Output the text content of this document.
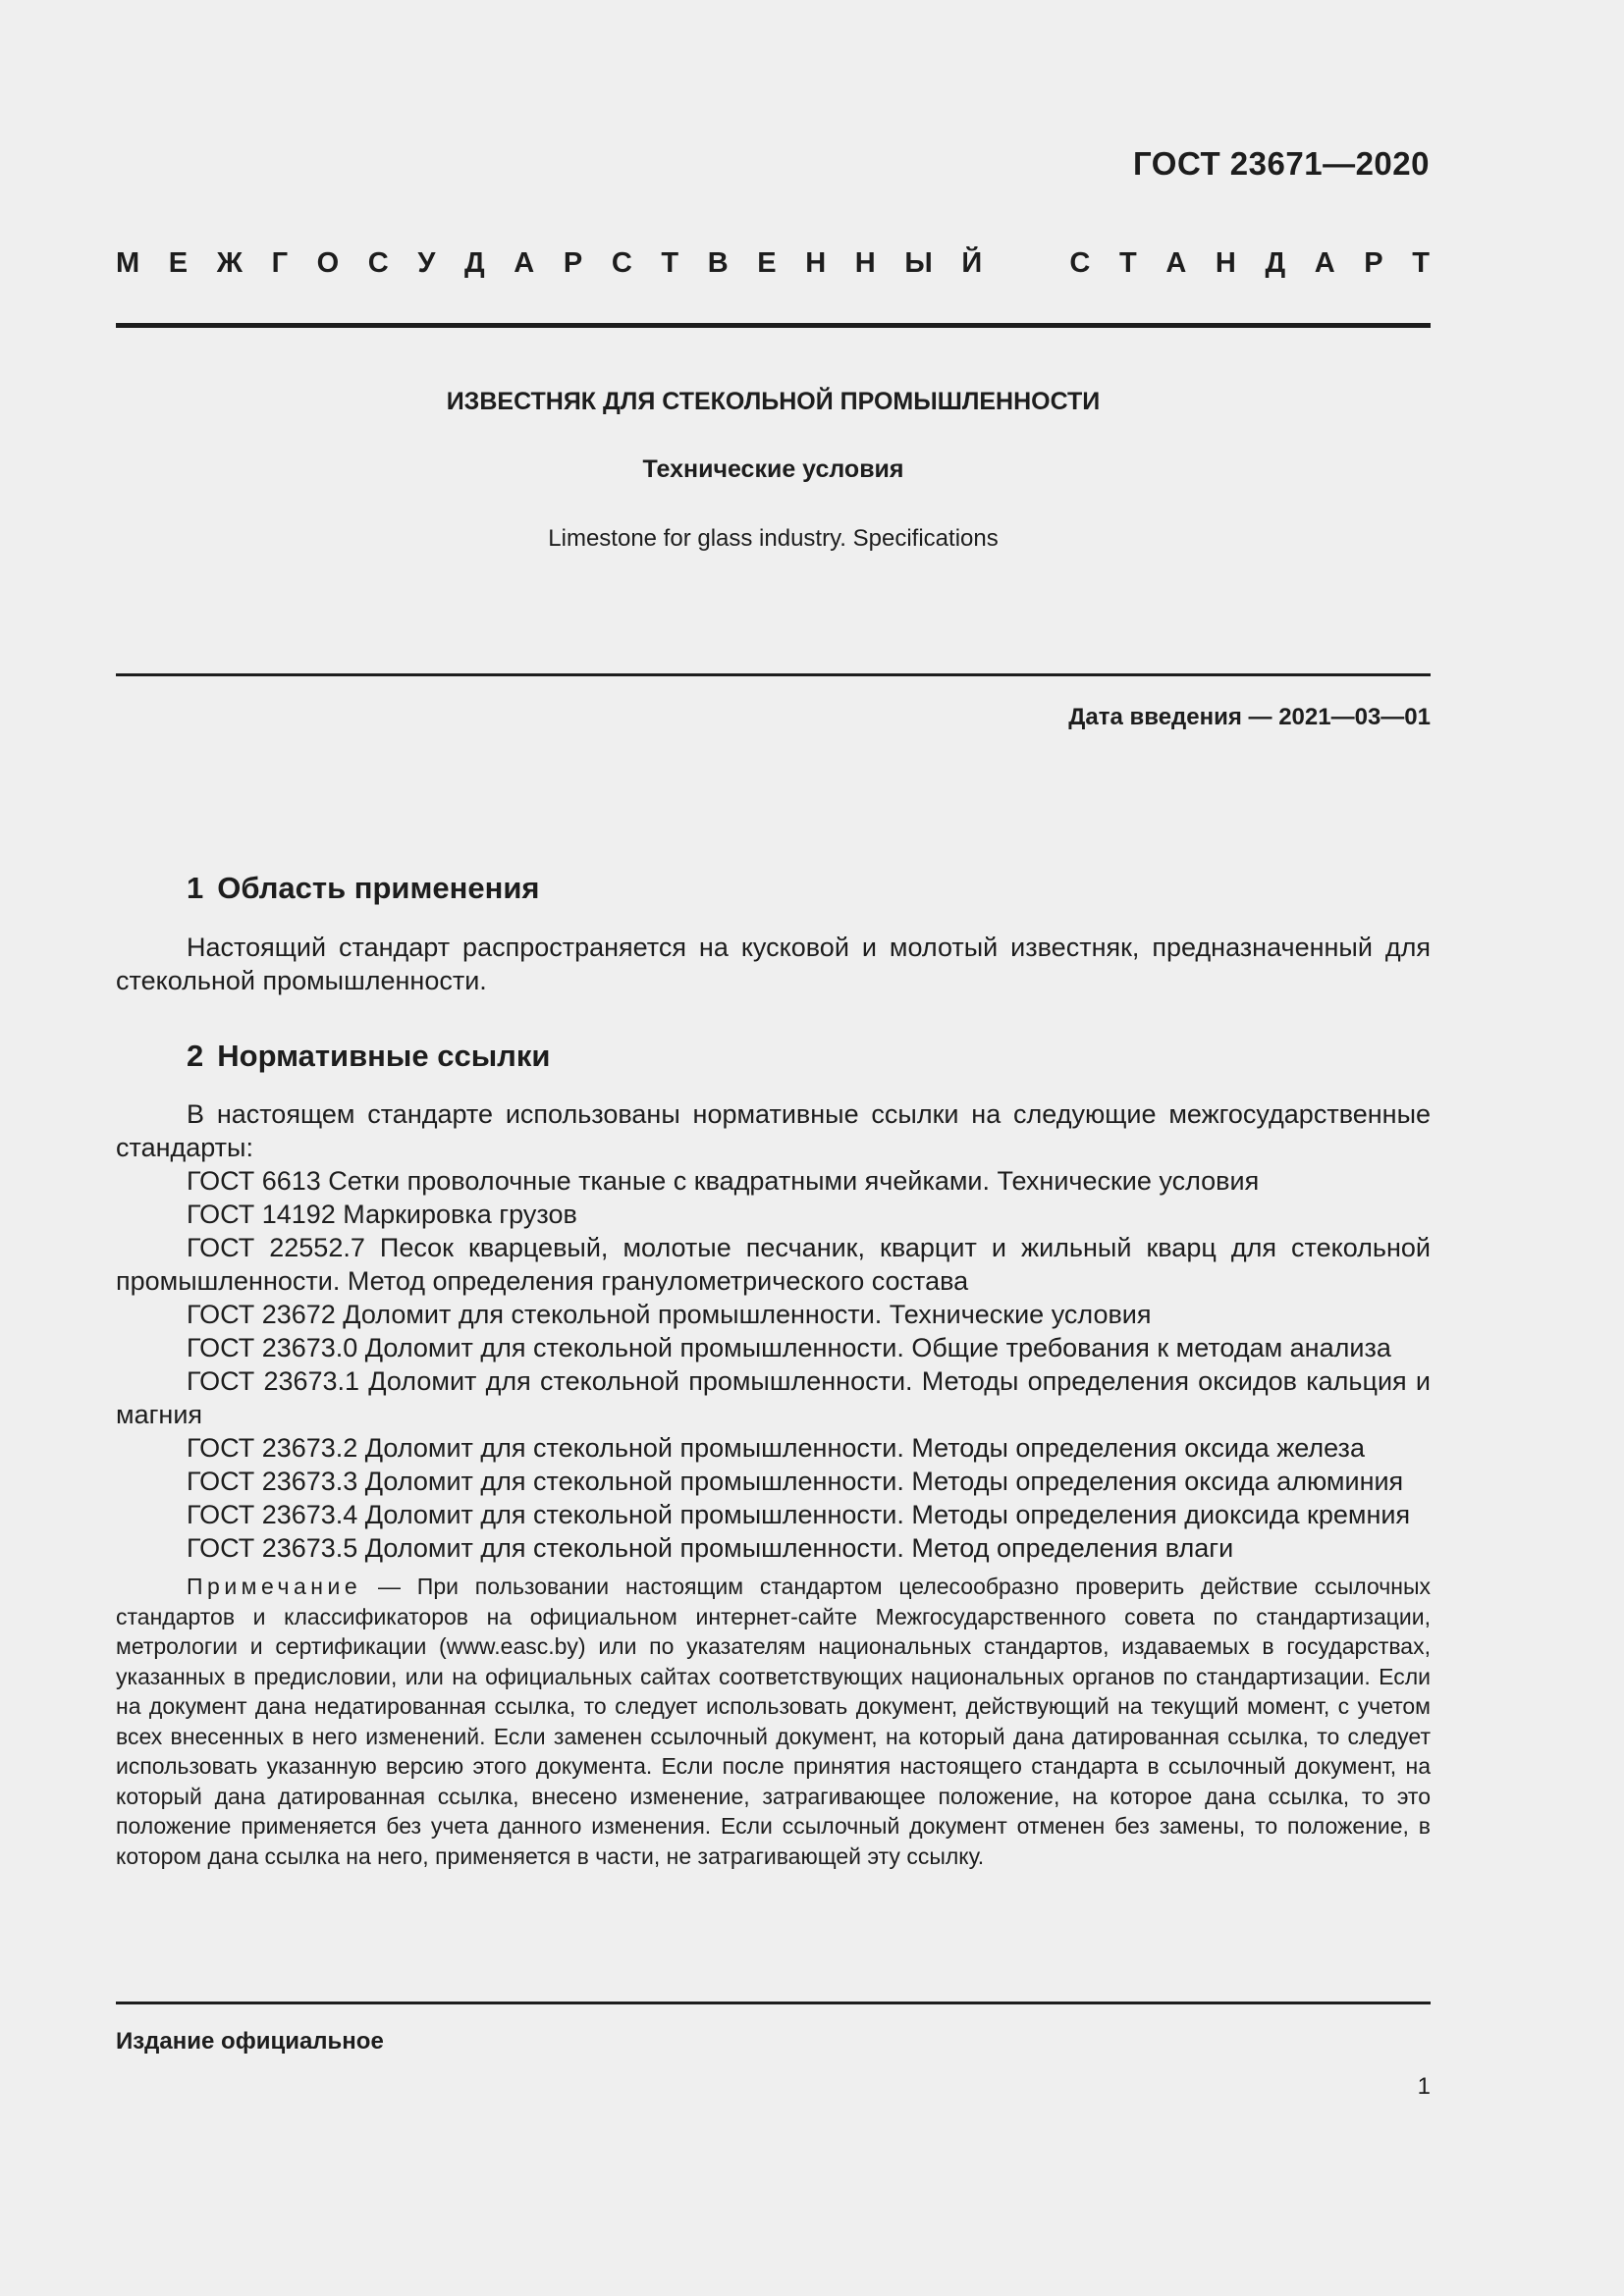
ГОСТ 23671—2020
М Е Ж Г О С У Д А Р С Т В Е Н Н Ы Й	С Т А Н Д А Р Т
ИЗВЕСТНЯК ДЛЯ СТЕКОЛЬНОЙ ПРОМЫШЛЕННОСТИ
Технические условия
Limestone for glass industry. Specifications
Дата введения — 2021—03—01
1 Область применения

Настоящий стандарт распространяется на кусковой и молотый известняк, предназначенный для стекольной промышленности.

2 Нормативные ссылки

В настоящем стандарте использованы нормативные ссылки на следующие межгосударственные стандарты:

ГОСТ 6613 Сетки проволочные тканые с квадратными ячейками. Технические условия

ГОСТ 14192 Маркировка грузов

ГОСТ 22552.7 Песок кварцевый, молотые песчаник, кварцит и жильный кварц для стекольной промышленности. Метод определения гранулометрического состава

ГОСТ 23672 Доломит для стекольной промышленности. Технические условия

ГОСТ 23673.0 Доломит для стекольной промышленности. Общие требования к методам анализа

ГОСТ 23673.1 Доломит для стекольной промышленности. Методы определения оксидов кальция и магния

ГОСТ 23673.2 Доломит для стекольной промышленности. Методы определения оксида железа

ГОСТ 23673.3 Доломит для стекольной промышленности. Методы определения оксида алюминия

ГОСТ 23673.4 Доломит для стекольной промышленности. Методы определения диоксида кремния

ГОСТ 23673.5 Доломит для стекольной промышленности. Метод определения влаги

Примечание — При пользовании настоящим стандартом целесообразно проверить действие ссылочных стандартов и классификаторов на официальном интернет-сайте Межгосударственного совета по стандартизации, метрологии и сертификации (www.easc.by) или по указателям национальных стандартов, издаваемых в государствах, указанных в предисловии, или на официальных сайтах соответствующих национальных органов по стандартизации. Если на документ дана недатированная ссылка, то следует использовать документ, действующий на текущий момент, с учетом всех внесенных в него изменений. Если заменен ссылочный документ, на который дана датированная ссылка, то следует использовать указанную версию этого документа. Если после принятия настоящего стандарта в ссылочный документ, на который дана датированная ссылка, внесено изменение, затрагивающее положение, на которое дана ссылка, то это положение применяется без учета данного изменения. Если ссылочный документ отменен без замены, то положение, в котором дана ссылка на него, применяется в части, не затрагивающей эту ссылку.

Издание официальное
1
